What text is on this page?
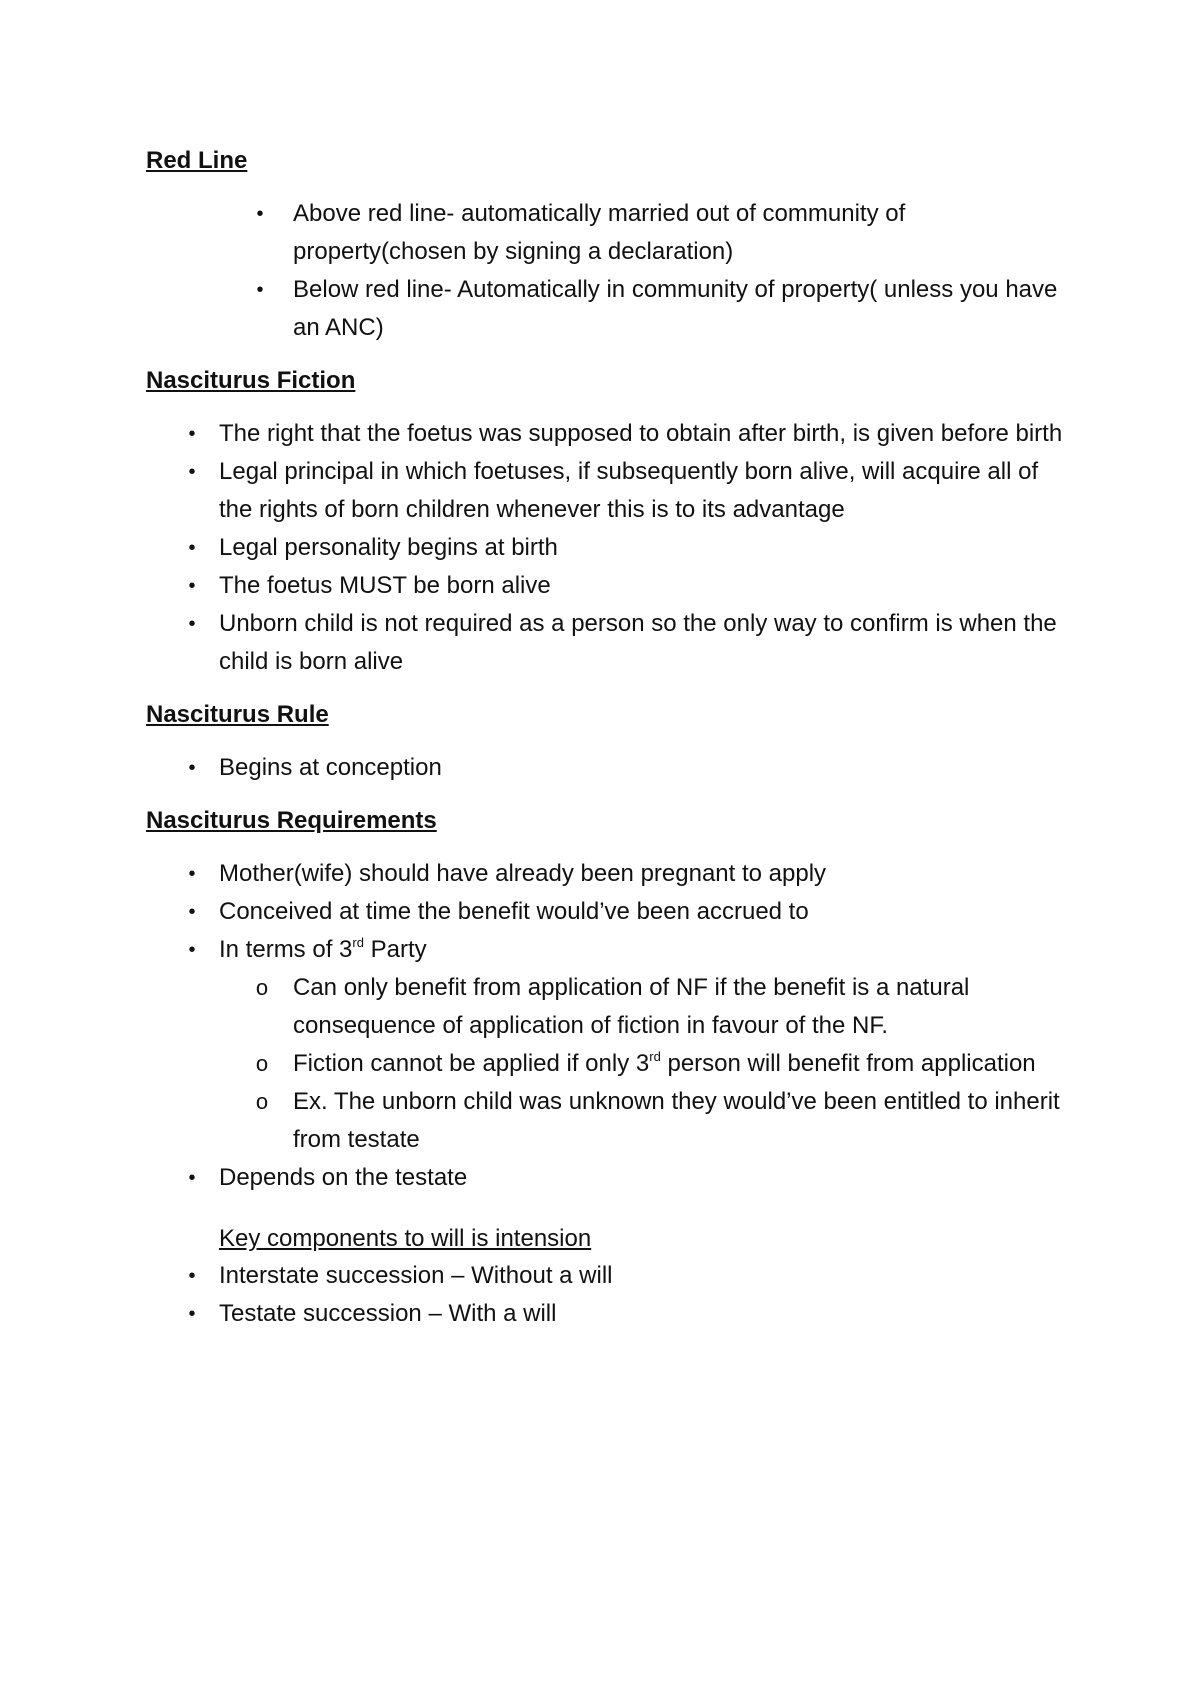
Red Line
• Above red line- automatically married out of community of property(chosen by signing a declaration)
• Below red line- Automatically in community of property( unless you have an ANC)
Nasciturus Fiction
• The right that the foetus was supposed to obtain after birth, is given before birth
• Legal principal in which foetuses, if subsequently born alive, will acquire all of the rights of born children whenever this is to its advantage
• Legal personality begins at birth
• The foetus MUST be born alive
• Unborn child is not required as a person so the only way to confirm is when the child is born alive
Nasciturus Rule
• Begins at conception
Nasciturus Requirements
• Mother(wife) should have already been pregnant to apply
• Conceived at time the benefit would’ve been accrued to
• In terms of 3rd Party
o Can only benefit from application of NF if the benefit is a natural consequence of application of fiction in favour of the NF.
o Fiction cannot be applied if only 3rd person will benefit from application
o Ex. The unborn child was unknown they would’ve been entitled to inherit from testate
• Depends on the testate
Key components to will is intension
• Interstate succession – Without a will
• Testate succession – With a will
